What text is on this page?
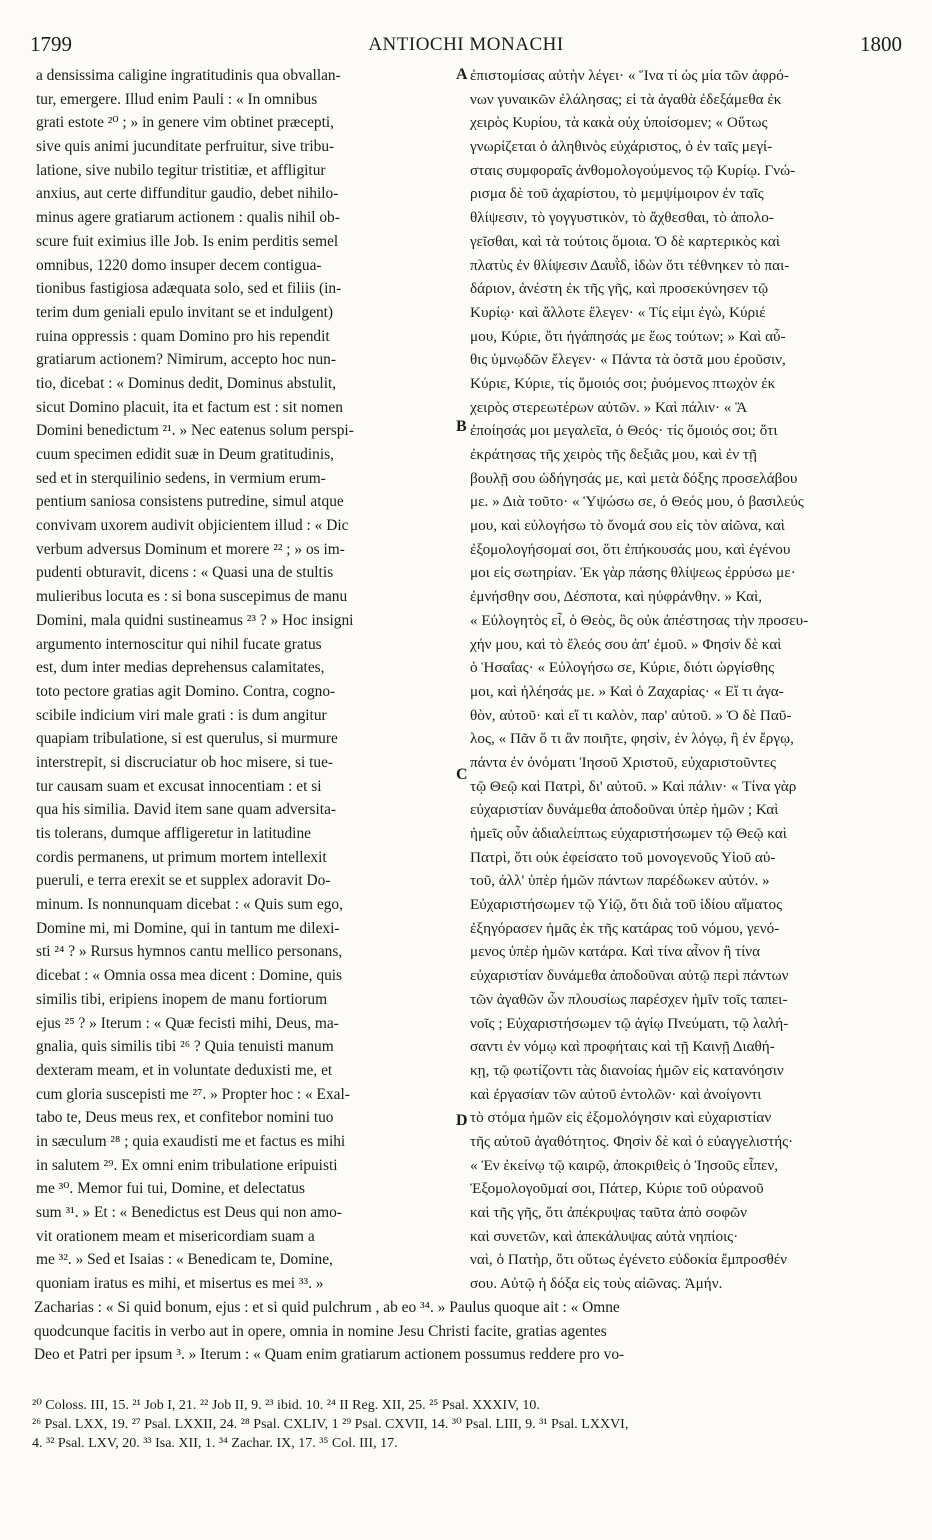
1799	ANTIOCHI MONACHI	1800
a densissima caligine ingratitudinis qua obvallan-
tur, emergere. Illud enim Pauli : « In omnibus
grati estote ²⁰ ; » in genere vim obtinet præcepti,
sive quis animi jucunditate perfruitur, sive tribu-
latione, sive nubilo tegitur tristitiæ, et affligitur
anxius, aut certe diffunditur gaudio, debet nihilo-
minus agere gratiarum actionem : qualis nihil ob-
scure fuit eximius ille Job. Is enim perditis semel
omnibus, 1220 domo insuper decem contigua-
tionibus fastigiosa adæquata solo, sed et filiis (in-
terim dum geniali epulo invitant se et indulgent)
ruina oppressis : quam Domino pro his rependit
gratiarum actionem? Nimirum, accepto hoc nun-
tio, dicebat : « Dominus dedit, Dominus abstulit,
sicut Domino placuit, ita et factum est : sit nomen
Domini benedictum ²¹. » Nec eatenus solum perspi-
cuum specimen edidit suæ in Deum gratitudinis,
sed et in sterquilinio sedens, in vermium erum-
pentium saniosa consistens putredine, simul atque
convivam uxorem audivit objicientem illud : « Dic
verbum adversus Dominum et morere ²² ; » os im-
pudenti obturavit, dicens : « Quasi una de stultis
mulieribus locuta es : si bona suscepimus de manu
Domini, mala quidni sustineamus ²³ ? » Hoc insigni
argumento internoscitur qui nihil fucate gratus
est, dum inter medias deprehensus calamitates,
toto pectore gratias agit Domino. Contra, cogno-
scibile indicium viri male grati : is dum angitur
quapiam tribulatione, si est querulus, si murmure
interstrepit, si discruciatur ob hoc misere, si tue-
tur causam suam et excusat innocentiam : et si
qua his similia. David item sane quam adversita-
tis tolerans, dumque affligeretur in latitudine
cordis permanens, ut primum mortem intellexit
pueruli, e terra erexit se et supplex adoravit Do-
minum. Is nonnunquam dicebat : « Quis sum ego,
Domine mi, mi Domine, qui in tantum me dilexi-
sti ²⁴ ? » Rursus hymnos cantu mellico personans,
dicebat : « Omnia ossa mea dicent : Domine, quis
similis tibi, eripiens inopem de manu fortiorum
ejus ²⁵ ? » Iterum : « Quæ fecisti mihi, Deus, ma-
gnalia, quis similis tibi ²⁶ ? Quia tenuisti manum
dexteram meam, et in voluntate deduxisti me, et
cum gloria suscepisti me ²⁷. » Propter hoc : « Exal-
tabo te, Deus meus rex, et confitebor nomini tuo
in sæculum ²⁸ ; quia exaudisti me et factus es mihi
in salutem ²⁹. Ex omni enim tribulatione eripuisti
me ³⁰. Memor fui tui, Domine, et delectatus
sum ³¹. » Et : « Benedictus est Deus qui non amo-
vit orationem meam et misericordiam suam a
me ³². » Sed et Isaias : « Benedicam te, Domine,
quoniam iratus es mihi, et misertus es mei ³³. »
ἐπιστομίσας αὐτὴν λέγει· « Ἵνα τί ὡς μία τῶν ἀφρό-
νων γυναικῶν ἐλάλησας; εἰ τὰ ἀγαθὰ ἐδεξάμεθα ἐκ
χειρὸς Κυρίου, τὰ κακὰ οὐχ ὑποίσομεν; « Οὕτως
γνωρίζεται ὁ ἀληθινὸς εὐχάριστος, ὁ ἐν ταῖς μεγί-
σταις συμφοραῖς ἀνθομολογούμενος τῷ Κυρίῳ. Γνώ-
ρισμα δὲ τοῦ ἀχαρίστου, τὸ μεμψίμοιρον ἐν ταῖς
θλίψεσιν, τὸ γογγυστικὸν, τὸ ἄχθεσθαι, τὸ ἀπολο-
γεῖσθαι, καὶ τὰ τούτοις ὅμοια. Ὁ δὲ καρτερικὸς καὶ
πλατὺς ἐν θλίψεσιν Δαυῒδ, ἰδὼν ὅτι τέθνηκεν τὸ παι-
δάριον, ἀνέστη ἐκ τῆς γῆς, καὶ προσεκύνησεν τῷ
Κυρίῳ· καὶ ἄλλοτε ἔλεγεν· « Τίς εἰμι ἐγὼ, Κύριέ
μου, Κύριε, ὅτι ἠγάπησάς με ἕως τούτων; » Καὶ αὖ-
θις ὑμνῳδῶν ἔλεγεν· « Πάντα τὰ ὀστᾶ μου ἐροῦσιν,
Κύριε, Κύριε, τίς ὅμοιός σοι; ῥυόμενος πτωχὸν ἐκ
χειρὸς στερεωτέρων αὐτῶν. » Καὶ πάλιν· « Ἃ
ἐποίησάς μοι μεγαλεῖα, ὁ Θεός· τίς ὅμοιός σοι; ὅτι
ἐκράτησας τῆς χειρὸς τῆς δεξιᾶς μου, καὶ ἐν τῇ
βουλῇ σου ὡδήγησάς με, καὶ μετὰ δόξης προσελάβου
με. » Διὰ τοῦτο· « Ὑψώσω σε, ὁ Θεός μου, ὁ βασιλεύς
μου, καὶ εὐλογήσω τὸ ὄνομά σου εἰς τὸν αἰῶνα, καὶ
ἐξομολογήσομαί σοι, ὅτι ἐπήκουσάς μου, καὶ ἐγένου
μοι εἰς σωτηρίαν. Ἐκ γὰρ πάσης θλίψεως ἐρρύσω με·
ἐμνήσθην σου, Δέσποτα, καὶ ηὐφράνθην. » Καὶ,
« Εὐλογητὸς εἶ, ὁ Θεὸς, ὃς οὐκ ἀπέστησας τὴν προσευ-
χήν μου, καὶ τὸ ἔλεός σου ἀπ' ἐμοῦ. » Φησὶν δὲ καὶ
ὁ Ἡσαΐας· « Εὐλογήσω σε, Κύριε, διότι ὠργίσθης
μοι, καὶ ἠλέησάς με. » Καὶ ὁ Ζαχαρίας· « Εἴ τι ἀγα-
θὸν, αὐτοῦ· καὶ εἴ τι καλὸν, παρ' αὐτοῦ. » Ὁ δὲ Παῦ-
λος, « Πᾶν ὅ τι ἂν ποιῆτε, φησὶν, ἐν λόγῳ, ἢ ἐν ἔργῳ,
πάντα ἐν ὀνόματι Ἰησοῦ Χριστοῦ, εὐχαριστοῦντες
τῷ Θεῷ καὶ Πατρὶ, δι' αὐτοῦ. » Καὶ πάλιν· « Τίνα γὰρ
εὐχαριστίαν δυνάμεθα ἀποδοῦναι ὑπὲρ ἡμῶν ; Καὶ
ἡμεῖς οὖν ἀδιαλείπτως εὐχαριστήσωμεν τῷ Θεῷ καὶ
Πατρὶ, ὅτι οὐκ ἐφείσατο τοῦ μονογενοῦς Υἱοῦ αὐ-
τοῦ, ἀλλ' ὑπὲρ ἡμῶν πάντων παρέδωκεν αὐτόν. »
Εὐχαριστήσωμεν τῷ Υἱῷ, ὅτι διὰ τοῦ ἰδίου αἵματος
ἐξηγόρασεν ἡμᾶς ἐκ τῆς κατάρας τοῦ νόμου, γενό-
μενος ὑπὲρ ἡμῶν κατάρα. Καὶ τίνα αἶνον ἢ τίνα
εὐχαριστίαν δυνάμεθα ἀποδοῦναι αὐτῷ περὶ πάντων
τῶν ἀγαθῶν ὧν πλουσίως παρέσχεν ἡμῖν τοῖς ταπει-
νοῖς ; Εὐχαριστήσωμεν τῷ ἁγίῳ Πνεύματι, τῷ λαλή-
σαντι ἐν νόμῳ καὶ προφήταις καὶ τῇ Καινῇ Διαθή-
κῃ, τῷ φωτίζοντι τὰς διανοίας ἡμῶν εἰς κατανόησιν
καὶ ἐργασίαν τῶν αὐτοῦ ἐντολῶν· καὶ ἀνοίγοντι
τὸ στόμα ἡμῶν εἰς ἐξομολόγησιν καὶ εὐχαριστίαν
τῆς αὐτοῦ ἀγαθότητος. Φησὶν δὲ καὶ ὁ εὐαγγελιστής·
« Ἐν ἐκείνῳ τῷ καιρῷ, ἀποκριθεὶς ὁ Ἰησοῦς εἶπεν,
Ἐξομολογοῦμαί σοι, Πάτερ, Κύριε τοῦ οὐρανοῦ
καὶ τῆς γῆς, ὅτι ἀπέκρυψας ταῦτα ἀπὸ σοφῶν
καὶ συνετῶν, καὶ ἀπεκάλυψας αὐτὰ νηπίοις·
ναὶ, ὁ Πατὴρ, ὅτι οὕτως ἐγένετο εὐδοκία ἔμπροσθέν
σου. Αὐτῷ ἡ δόξα εἰς τοὺς αἰῶνας. Ἀμήν.
A
B
C
D
Zacharias : « Si quid bonum, ejus : et si quid pulchrum , ab eo ³⁴. » Paulus quoque ait : « Omne
quodcunque facitis in verbo aut in opere, omnia in nomine Jesu Christi facite, gratias agentes
Deo et Patri per ipsum ³. » Iterum : « Quam enim gratiarum actionem possumus reddere pro vo-
²⁰ Coloss. III, 15. ²¹ Job I, 21. ²² Job II, 9. ²³ ibid. 10. ²⁴ II Reg. XII, 25. ²⁵ Psal. XXXIV, 10.
²⁶ Psal. LXX, 19. ²⁷ Psal. LXXII, 24. ²⁸ Psal. CXLIV, 1 ²⁹ Psal. CXVII, 14. ³⁰ Psal. LIII, 9. ³¹ Psal. LXXVI,
4. ³² Psal. LXV, 20. ³³ Isa. XII, 1. ³⁴ Zachar. IX, 17. ³⁵ Col. III, 17.
